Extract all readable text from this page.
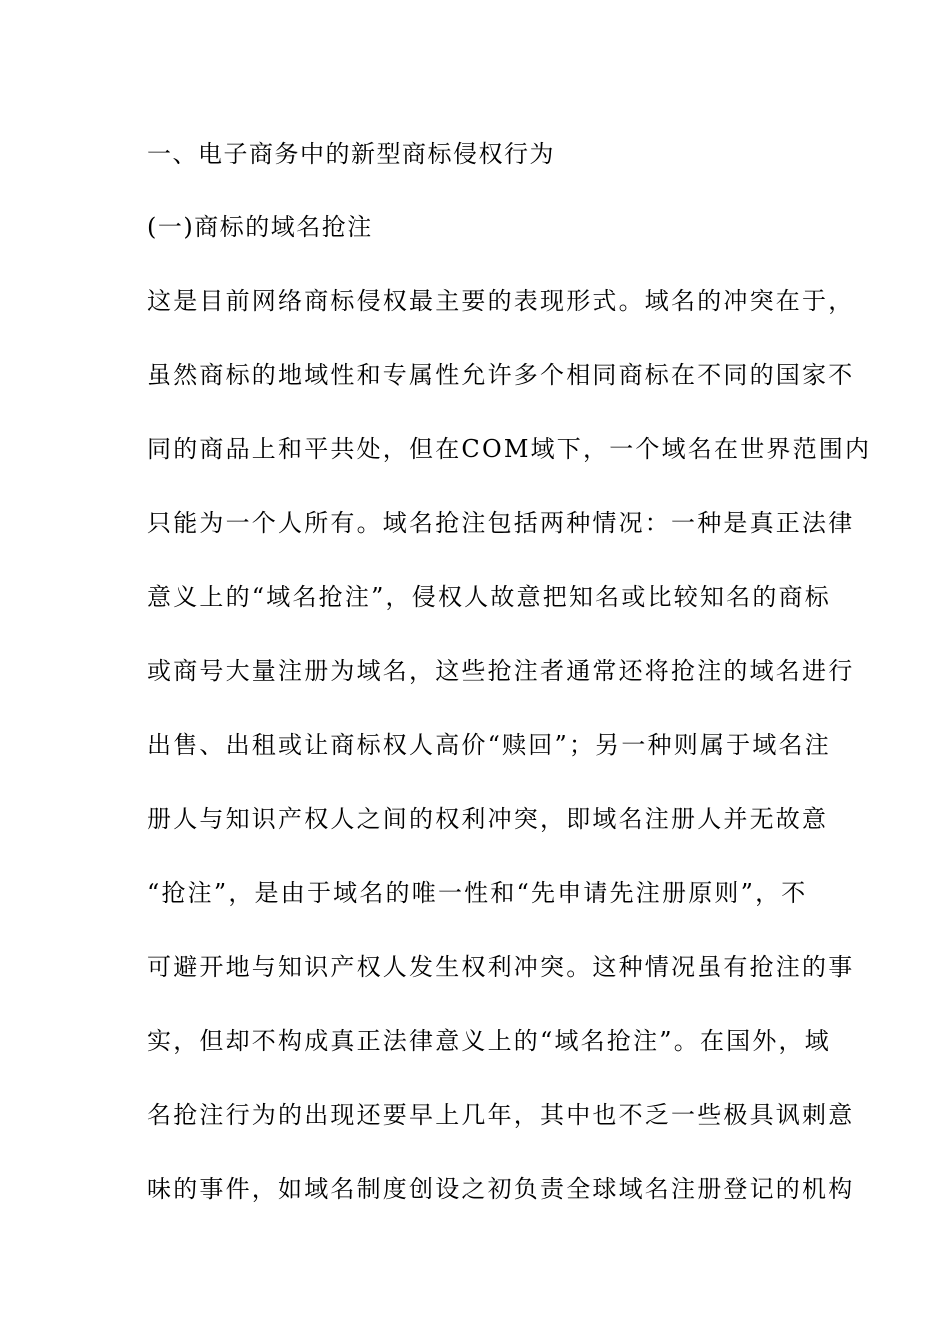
一、电子商务中的新型商标侵权行为
(一)商标的域名抢注
这是目前网络商标侵权最主要的表现形式。域名的冲突在于，
虽然商标的地域性和专属性允许多个相同商标在不同的国家不
同的商品上和平共处，但在COM域下，一个域名在世界范围内
只能为一个人所有。域名抢注包括两种情况：一种是真正法律
意义上的“域名抢注”，侵权人故意把知名或比较知名的商标
或商号大量注册为域名，这些抢注者通常还将抢注的域名进行
出售、出租或让商标权人高价“赎回”；另一种则属于域名注
册人与知识产权人之间的权利冲突，即域名注册人并无故意
“抢注”，是由于域名的唯一性和“先申请先注册原则”，不
可避开地与知识产权人发生权利冲突。这种情况虽有抢注的事
实，但却不构成真正法律意义上的“域名抢注”。在国外，域
名抢注行为的出现还要早上几年，其中也不乏一些极具讽刺意
味的事件，如域名制度创设之初负责全球域名注册登记的机构
